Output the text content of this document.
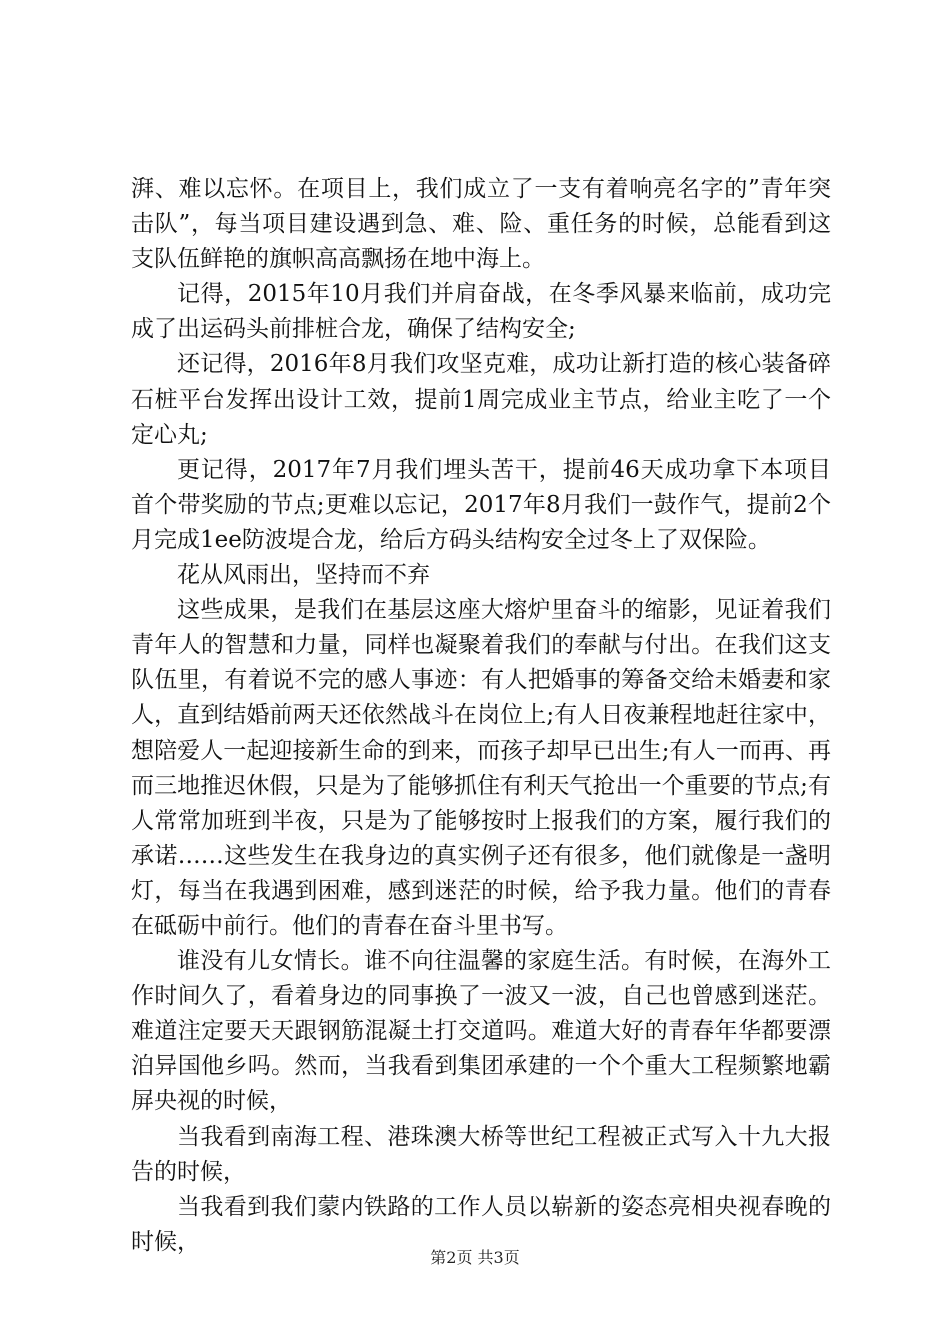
湃、难以忘怀。在项目上，我们成立了一支有着响亮名字的”青年突击队”，每当项目建设遇到急、难、险、重任务的时候，总能看到这支队伍鲜艳的旗帜高高飘扬在地中海上。

记得，2015年10月我们并肩奋战，在冬季风暴来临前，成功完成了出运码头前排桩合龙，确保了结构安全;

还记得，2016年8月我们攻坚克难，成功让新打造的核心装备碎石桩平台发挥出设计工效，提前1周完成业主节点，给业主吃了一个定心丸;

更记得，2017年7月我们埋头苦干，提前46天成功拿下本项目首个带奖励的节点;更难以忘记，2017年8月我们一鼓作气，提前2个月完成1ee防波堤合龙，给后方码头结构安全过冬上了双保险。

花从风雨出，坚持而不弃

这些成果，是我们在基层这座大熔炉里奋斗的缩影，见证着我们青年人的智慧和力量，同样也凝聚着我们的奉献与付出。在我们这支队伍里，有着说不完的感人事迹：有人把婚事的筹备交给未婚妻和家人，直到结婚前两天还依然战斗在岗位上;有人日夜兼程地赶往家中，想陪爱人一起迎接新生命的到来，而孩子却早已出生;有人一而再、再而三地推迟休假，只是为了能够抓住有利天气抢出一个重要的节点;有人常常加班到半夜，只是为了能够按时上报我们的方案，履行我们的承诺……这些发生在我身边的真实例子还有很多，他们就像是一盏明灯，每当在我遇到困难，感到迷茫的时候，给予我力量。他们的青春在砥砺中前行。他们的青春在奋斗里书写。

谁没有儿女情长。谁不向往温馨的家庭生活。有时候，在海外工作时间久了，看着身边的同事换了一波又一波，自己也曾感到迷茫。难道注定要天天跟钢筋混凝土打交道吗。难道大好的青春年华都要漂泊异国他乡吗。然而，当我看到集团承建的一个个重大工程频繁地霸屏央视的时候，

当我看到南海工程、港珠澳大桥等世纪工程被正式写入十九大报告的时候，

当我看到我们蒙内铁路的工作人员以崭新的姿态亮相央视春晚的时候，

第2页 共3页
